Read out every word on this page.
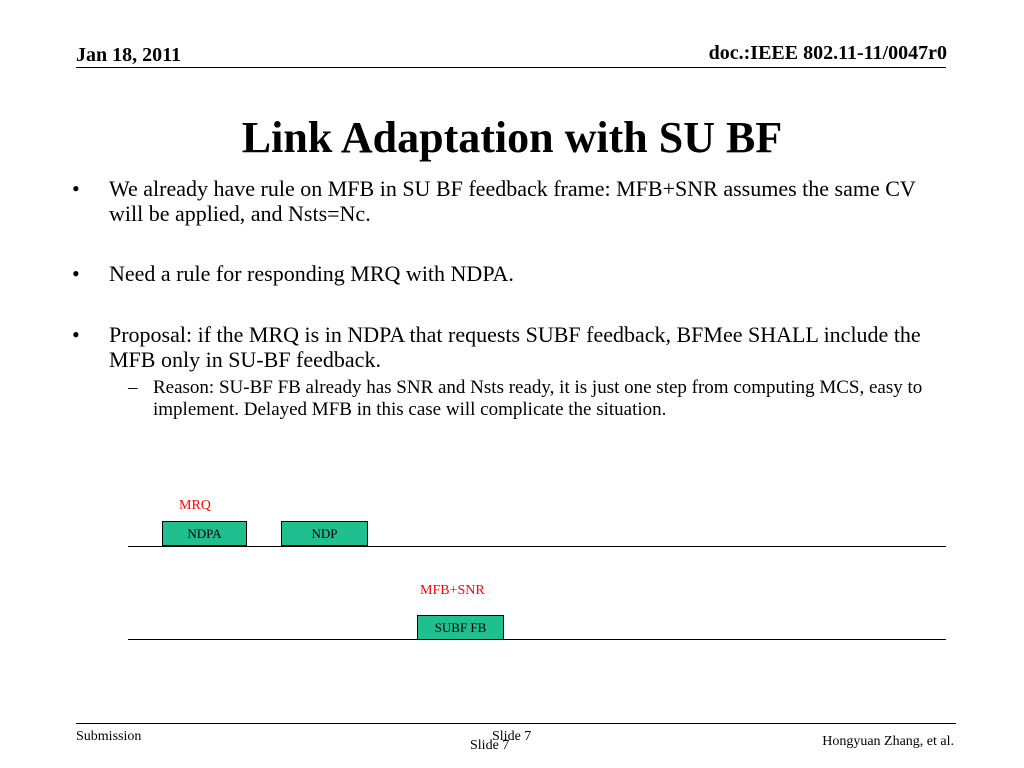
Jan 18, 2011	doc.:IEEE 802.11-11/0047r0
Link Adaptation with SU BF
•	We already have rule on MFB in SU BF feedback frame: MFB+SNR assumes the same CV will be applied, and Nsts=Nc.
•	Need a rule for responding MRQ with NDPA.
•	Proposal: if the MRQ is in NDPA that requests SUBF feedback, BFMee SHALL include the MFB only in SU-BF feedback.
– Reason: SU-BF FB already has SNR and Nsts ready, it is just one step from computing MCS, easy to implement. Delayed MFB in this case will complicate the situation.
MRQ
NDPA	NDP
MFB+SNR
SUBF FB
Submission	Slide 7
Slide 7	Hongyuan Zhang, et al.
